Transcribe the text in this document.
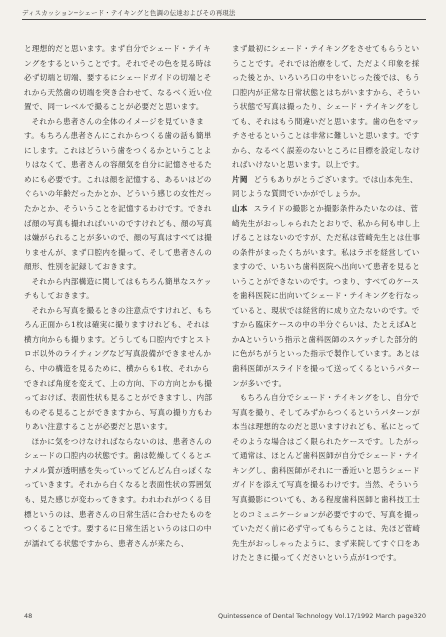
ディスカッション─シェード・テイキングと色調の伝達およびその再現法

と理想的だと思います。まず自分でシェード・テイキングをするということです。それでその色を見る時は必ず切端と切端、要するにシェードガイドの切端とそれから天然歯の切端を突き合わせて、なるべく近い位置で、同一レベルで撮ることが必要だと思います。

それから患者さんの全体のイメージを見ていきます。もちろん患者さんにこれからつくる歯の話も簡単にします。これはどういう歯をつくるかということよりはなくて、患者さんの容顔気を自分に記憶させるためにも必要です。これは顔を記憶する、あるいはどのぐらいの年齢だったかとか、どういう感じの女性だったかとか、そういうことを記憶するわけです。できれば顔の写真も撮れればいいのですけれども、顔の写真は嫌がられることが多いので、顔の写真はすべては撮りませんが、まず口腔内を撮って、そして患者さんの顔形、性別を記録しておきます。

それから内部構造に関してはもちろん簡単なスケッチもしておきます。

それから写真を撮るときの注意点ですけれど、もちろん正面から1枚は確実に撮りますけれども、それは横方向からも撮ります。どうしても口腔内ですとストロボ以外のライティングなど写真設備ができませんから、中の構造を見るために、横からも1枚、それからできれば角度を変えて、上の方向、下の方向とかも撮っておけば、表面性状も見ることができますし、内部ものぞる見ることができますから、写真の撮り方もわりあい注意することが必要だと思います。

ほかに気をつけなければならないのは、患者さんのシェードの口腔内の状態です。歯は乾燥してくるとエナメル質が透明感を失っていってどんどん白っぽくなっていきます。それから白くなると表面性状の雰囲気も、見た感じが変わってきます。われわれがつくる目標というのは、患者さんの日常生活に合わせたものをつくることです。要するに日常生活というのは口の中が濡れてる状態ですから、患者さんが来たら、

まず最初にシェード・テイキングをさせてもらうということです。それでは治療をして、ただよく印象を採った後とか、いろいろ口の中をいじった後では、もう口腔内が正常な日常状態とはちがいますから、そういう状態で写真は撮ったり、シェード・テイキングをしても、それはもう間違いだと思います。歯の色をマッチさせるということは非常に難しいと思います。ですから、なるべく誤差のないところに目標を設定しなければいけないと思います。以上です。

片岡 どうもありがとうございます。では山本先生、同じような質問でいかがでしょうか。

山本 スライドの撮影とか撮影条件みたいなのは、菅崎先生がおっしゃられたとおりで、私から何も申し上げることはないのですが、ただ私は菅崎先生とは仕事の条件がまったくちがいます。私はラボを経営していますので、いちいち歯科医院へ出向いて患者を見るということができないのです。つまり、すべてのケースを歯科医院に出向いてシェード・テイキングを行なっていると、現状では経営的に成り立たないのです。ですから臨床ケースの中の半分ぐらいは、たとえばAとかAといういう指示と歯科医師のスケッチした部分的に色がちがうといった指示で製作しています。あとは歯科医師がスライドを撮って送ってくるというパターンが多いです。

もちろん自分でシェード・テイキングをし、自分で写真を撮り、そしてみずからつくるというパターンが本当は理想的なのだと思いますけれども、私にとってそのような場合はごく限られたケースです。したがって通常は、ほとんど歯科医師が自分でシェード・テイキングし、歯科医師がそれに一番近いと思うシェードガイドを添えて写真を撮るわけです。当然、そういう写真撮影についても、ある程度歯科医師と歯科技工士とのコミュニケーションが必要ですので、写真を撮っていただく前に必ず守ってもらうことは、先ほど菅崎先生がおっしゃったように、まず来院してすぐ口をあけたときに撮ってくださいという点が1つです。

48	Quintessence of Dental Technology Vol.17/1992 March page320
